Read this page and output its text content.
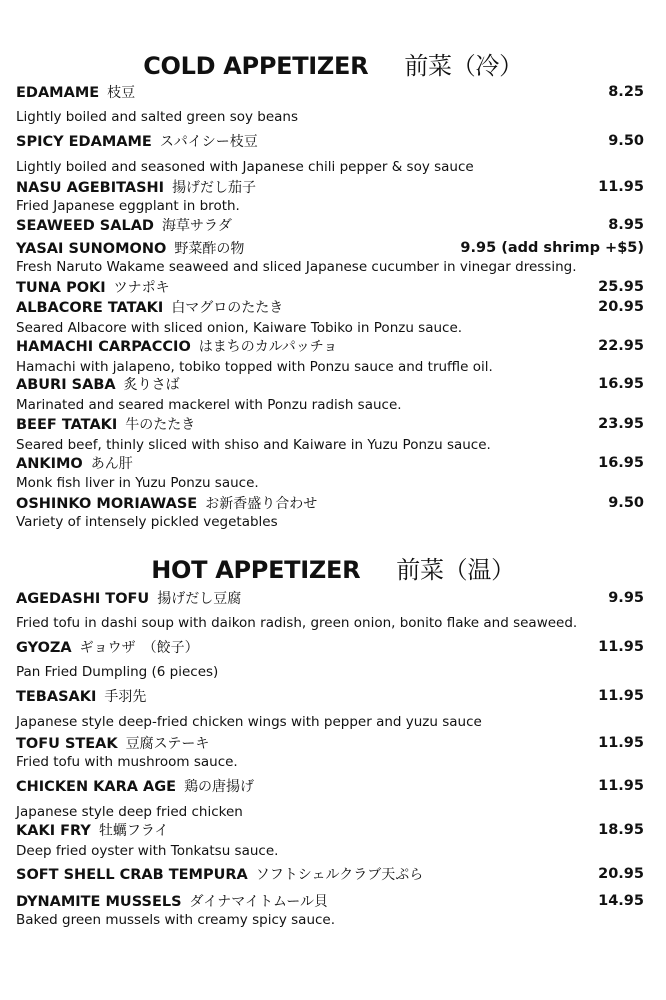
COLD APPETIZER 前菜（冷）
HOT APPETIZER 前菜（温）
EDAMAME 枝豆	8.25
Lightly boiled and salted green soy beans
SPICY EDAMAME スパイシー枝豆	9.50
Lightly boiled and seasoned with Japanese chili pepper & soy sauce
NASU AGEBITASHI 揚げだし茄子	11.95
Fried Japanese eggplant in broth.
SEAWEED SALAD 海草サラダ	8.95
YASAI SUNOMONO 野菜酢の物	9.95 (add shrimp +$5)
Fresh Naruto Wakame seaweed and sliced Japanese cucumber in vinegar dressing.
TUNA POKI ツナポキ	25.95
ALBACORE TATAKI 白マグロのたたき	20.95
Seared Albacore with sliced onion, Kaiware Tobiko in Ponzu sauce.
HAMACHI CARPACCIO はまちのカルパッチョ	22.95
Hamachi with jalapeno, tobiko topped with Ponzu sauce and truffle oil.
ABURI SABA 炙りさば	16.95
Marinated and seared mackerel with Ponzu radish sauce.
BEEF TATAKI 牛のたたき	23.95
Seared beef, thinly sliced with shiso and Kaiware in Yuzu Ponzu sauce.
ANKIMO あん肝	16.95
Monk fish liver in Yuzu Ponzu sauce.
OSHINKO MORIAWASE お新香盛り合わせ	9.50
Variety of intensely pickled vegetables
AGEDASHI TOFU 揚げだし豆腐	9.95
Fried tofu in dashi soup with daikon radish, green onion, bonito flake and seaweed.
GYOZA ギョウザ　（餃子）	11.95
Pan Fried Dumpling (6 pieces)
TEBASAKI 手羽先	11.95
Japanese style deep-fried chicken wings with pepper and yuzu sauce
TOFU STEAK 豆腐ステーキ	11.95
Fried tofu with mushroom sauce.
CHICKEN KARA AGE 鶏の唐揚げ	11.95
Japanese style deep fried chicken
KAKI FRY 牡蠣フライ	18.95
Deep fried oyster with Tonkatsu sauce.
SOFT SHELL CRAB TEMPURA ソフトシェルクラブ天ぷら	20.95
DYNAMITE MUSSELS ダイナマイトムール貝	14.95
Baked green mussels with creamy spicy sauce.
